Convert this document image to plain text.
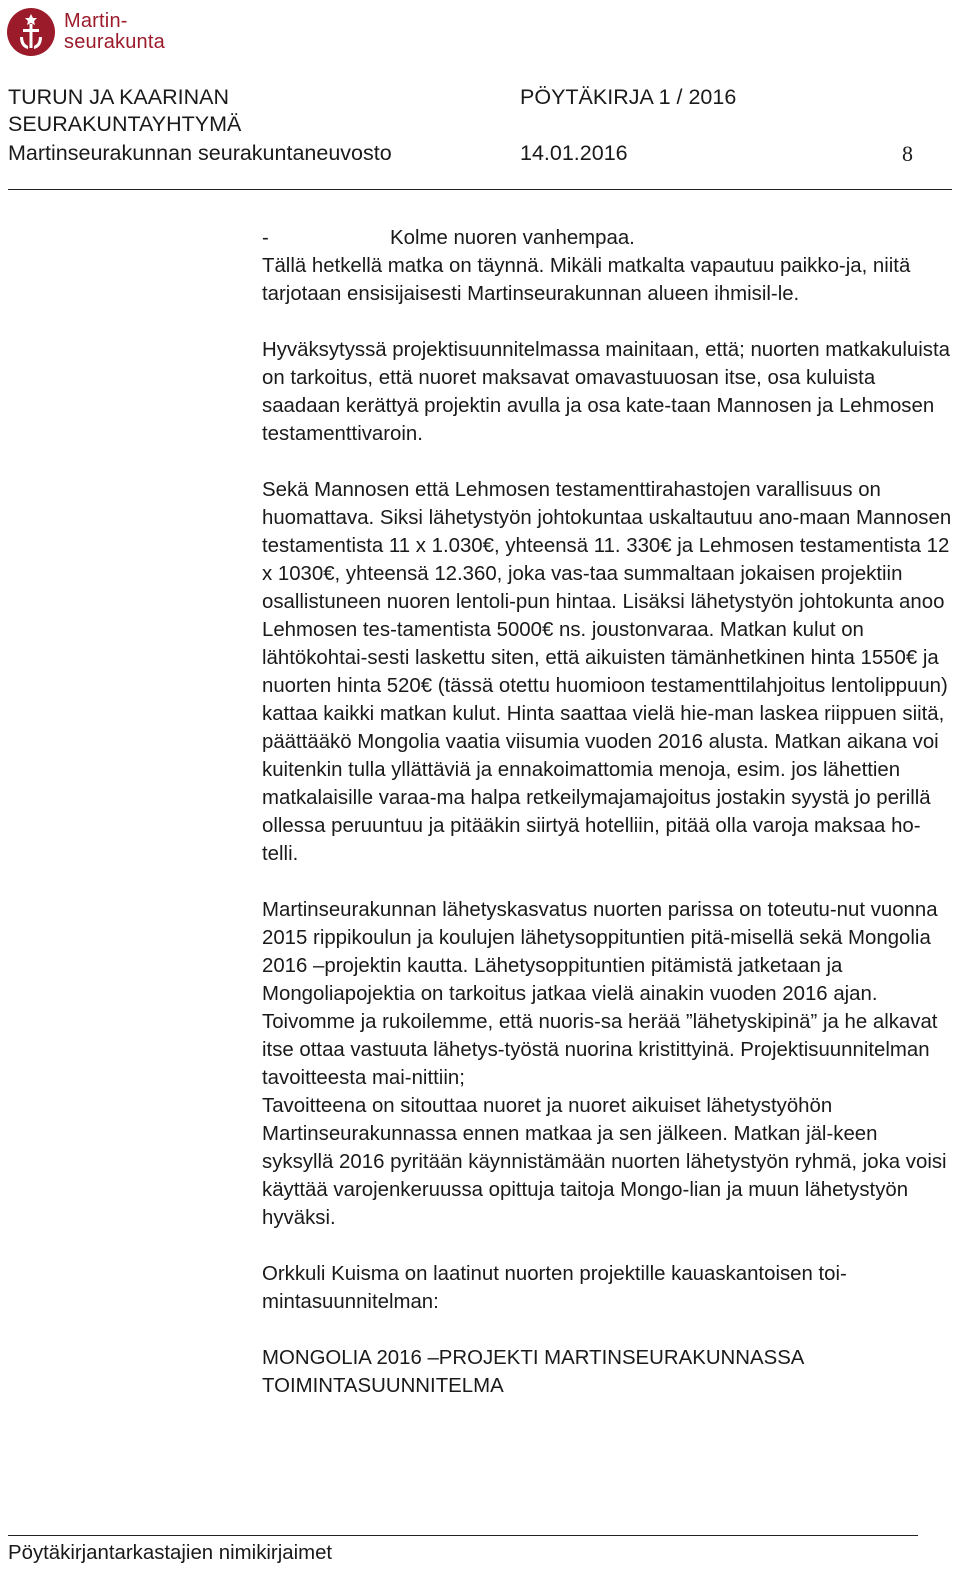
Martin-
seurakunta
TURUN JA KAARINAN
SEURAKUNTAYHTYMÄ
PÖYTÄKIRJA 1 / 2016
Martinseurakunnan seurakuntaneuvosto	14.01.2016	8

-	Kolme nuoren vanhempaa.

Tällä hetkellä matka on täynnä. Mikäli matkalta vapautuu paikko-ja, niitä tarjotaan ensisijaisesti Martinseurakunnan alueen ihmisil-le.

Hyväksytyssä projektisuunnitelmassa mainitaan, että; nuorten matkakuluista on tarkoitus, että nuoret maksavat omavastuuosan itse, osa kuluista saadaan kerättyä projektin avulla ja osa kate-taan Mannosen ja Lehmosen testamenttivaroin.

Sekä Mannosen että Lehmosen testamenttirahastojen varallisuus on huomattava. Siksi lähetystyön johtokuntaa uskaltautuu ano-maan Mannosen testamentista 11 x 1.030€, yhteensä 11. 330€ ja Lehmosen testamentista 12 x 1030€, yhteensä 12.360, joka vas-taa summaltaan jokaisen projektiin osallistuneen nuoren lentoli-pun hintaa. Lisäksi lähetystyön johtokunta anoo Lehmosen tes-tamentista 5000€ ns. joustonvaraa. Matkan kulut on lähtökohtai-sesti laskettu siten, että aikuisten tämänhetkinen hinta 1550€ ja nuorten hinta 520€ (tässä otettu huomioon testamenttilahjoitus lentolippuun) kattaa kaikki matkan kulut. Hinta saattaa vielä hie-man laskea riippuen siitä, päättääkö Mongolia vaatia viisumia vuoden 2016 alusta. Matkan aikana voi kuitenkin tulla yllättäviä ja ennakoimattomia menoja, esim. jos lähettien matkalaisille varaa-ma halpa retkeilymajamajoitus jostakin syystä jo perillä ollessa peruuntuu ja pitääkin siirtyä hotelliin, pitää olla varoja maksaa ho-telli.

Martinseurakunnan lähetyskasvatus nuorten parissa on toteutu-nut vuonna 2015 rippikoulun ja koulujen lähetysoppituntien pitä-misellä sekä Mongolia 2016 –projektin kautta. Lähetysoppituntien pitämistä jatketaan ja Mongoliapojektia on tarkoitus jatkaa vielä ainakin vuoden 2016 ajan. Toivomme ja rukoilemme, että nuoris-sa herää ”lähetyskipinä” ja he alkavat itse ottaa vastuuta lähetys-työstä nuorina kristittyinä. Projektisuunnitelman tavoitteesta mai-nittiin;

Tavoitteena on sitouttaa nuoret ja nuoret aikuiset lähetystyöhön Martinseurakunnassa ennen matkaa ja sen jälkeen. Matkan jäl-keen syksyllä 2016 pyritään käynnistämään nuorten lähetystyön ryhmä, joka voisi käyttää varojenkeruussa opittuja taitoja Mongo-lian ja muun lähetystyön hyväksi.

Orkkuli Kuisma on laatinut nuorten projektille kauaskantoisen toi-mintasuunnitelman:

MONGOLIA 2016 –PROJEKTI MARTINSEURAKUNNASSA

TOIMINTASUUNNITELMA

Pöytäkirjantarkastajien nimikirjaimet
